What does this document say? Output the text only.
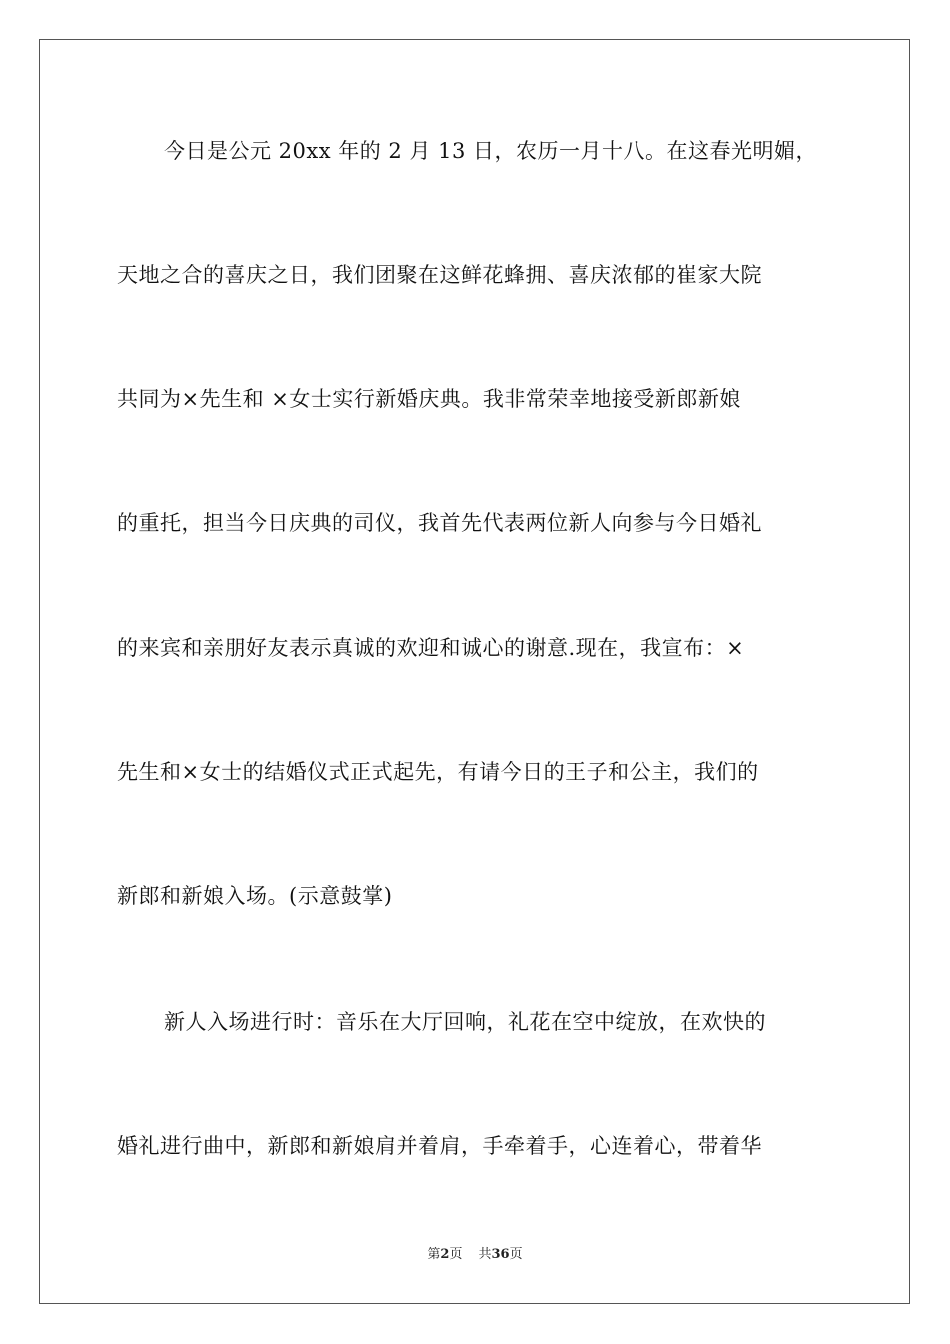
今日是公元 20xx 年的 2 月 13 日，农历一月十八。在这春光明媚，
天地之合的喜庆之日，我们团聚在这鲜花蜂拥、喜庆浓郁的崔家大院
共同为×先生和 ×女士实行新婚庆典。我非常荣幸地接受新郎新娘
的重托，担当今日庆典的司仪，我首先代表两位新人向参与今日婚礼
的来宾和亲朋好友表示真诚的欢迎和诚心的谢意.现在，我宣布：×
先生和×女士的结婚仪式正式起先，有请今日的王子和公主，我们的
新郎和新娘入场。(示意鼓掌)
新人入场进行时：音乐在大厅回响，礼花在空中绽放，在欢快的
婚礼进行曲中，新郎和新娘肩并着肩，手牵着手，心连着心，带着华
第2页 共36页
